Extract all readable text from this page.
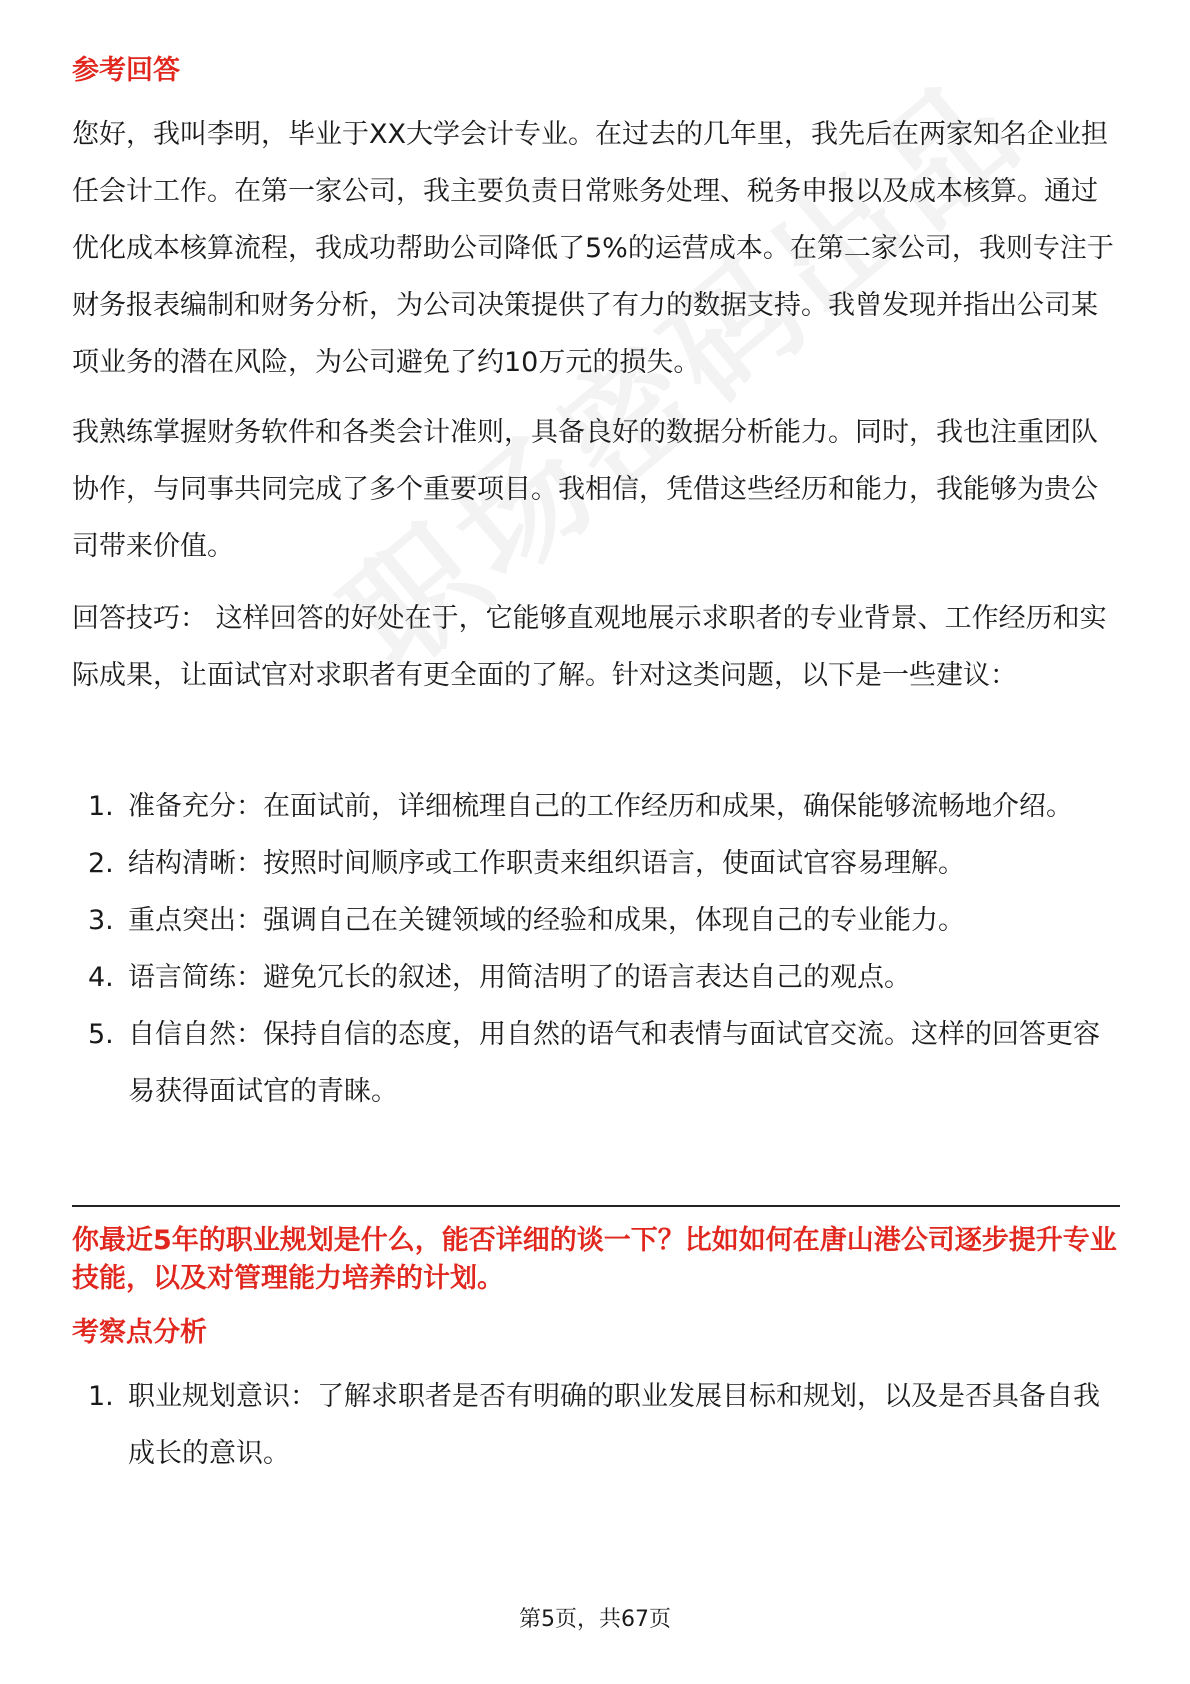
参考回答

您好，我叫李明，毕业于XX大学会计专业。在过去的几年里，我先后在两家知名企业担任会计工作。在第一家公司，我主要负责日常账务处理、税务申报以及成本核算。通过优化成本核算流程，我成功帮助公司降低了5%的运营成本。在第二家公司，我则专注于财务报表编制和财务分析，为公司决策提供了有力的数据支持。我曾发现并指出公司某项业务的潜在风险，为公司避免了约10万元的损失。

我熟练掌握财务软件和各类会计准则，具备良好的数据分析能力。同时，我也注重团队协作，与同事共同完成了多个重要项目。我相信，凭借这些经历和能力，我能够为贵公司带来价值。

回答技巧： 这样回答的好处在于，它能够直观地展示求职者的专业背景、工作经历和实际成果，让面试官对求职者有更全面的了解。针对这类问题，以下是一些建议：

1. 准备充分：在面试前，详细梳理自己的工作经历和成果，确保能够流畅地介绍。
2. 结构清晰：按照时间顺序或工作职责来组织语言，使面试官容易理解。
3. 重点突出：强调自己在关键领域的经验和成果，体现自己的专业能力。
4. 语言简练：避免冗长的叙述，用简洁明了的语言表达自己的观点。
5. 自信自然：保持自信的态度，用自然的语气和表情与面试官交流。这样的回答更容易获得面试官的青睐。

你最近5年的职业规划是什么，能否详细的谈一下？比如如何在唐山港公司逐步提升专业技能，以及对管理能力培养的计划。

考察点分析
1. 职业规划意识：了解求职者是否有明确的职业发展目标和规划，以及是否具备自我成长的意识。
第5页，共67页
